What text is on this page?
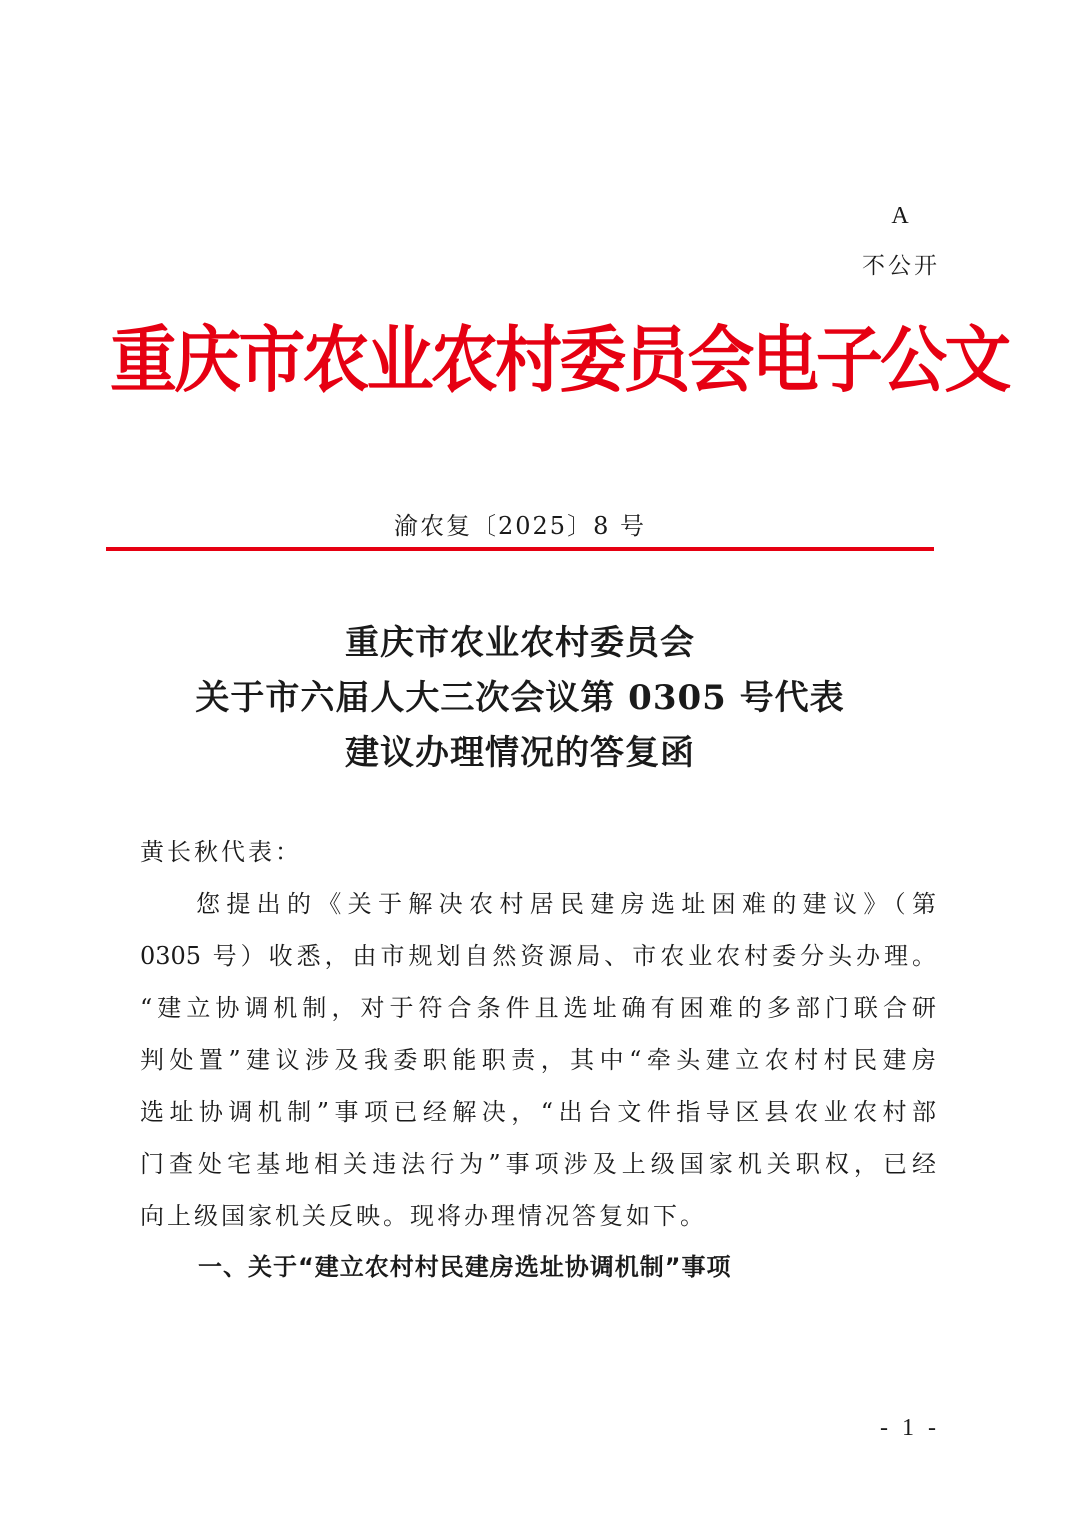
A
不公开
重庆市农业农村委员会电子公文
渝农复〔2025〕8 号
重庆市农业农村委员会
关于市六届人大三次会议第 0305 号代表
建议办理情况的答复函
黄长秋代表：
您提出的《关于解决农村居民建房选址困难的建议》（第
0305 号）收悉，由市规划自然资源局、市农业农村委分头办理。
“建立协调机制，对于符合条件且选址确有困难的多部门联合研
判处置”建议涉及我委职能职责，其中“牵头建立农村村民建房
选址协调机制”事项已经解决，“出台文件指导区县农业农村部
门查处宅基地相关违法行为”事项涉及上级国家机关职权，已经
向上级国家机关反映。现将办理情况答复如下。
一、关于“建立农村村民建房选址协调机制”事项
- 1 -
